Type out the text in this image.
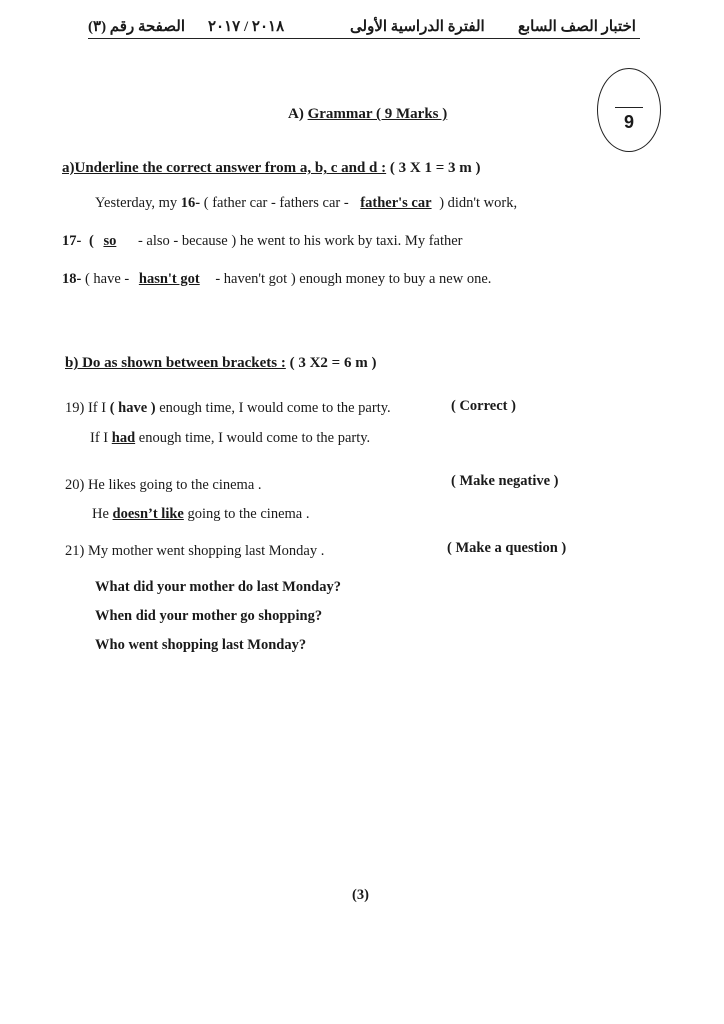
الصفحة رقم (٣) ٢٠١٨ / ٢٠١٧	الفترة الدراسية الأولى اختبار الصف السابع
9
A) Grammar ( 9 Marks )
a)Underline the correct answer from a, b, c and d : ( 3 X 1 = 3 m )
Yesterday, my 16- ( father car - fathers car - father's car ) didn't work,
17- ( so - also - because ) he went to his work by taxi. My father
18- ( have - hasn't got - haven't got ) enough money to buy a new one.
b) Do as shown between brackets : ( 3 X2 = 6 m )
19) If I ( have ) enough time, I would come to the party.	( Correct )
If I had enough time, I would come to the party.
20) He likes going to the cinema .	( Make negative )
He doesn’t like going to the cinema .
21) My mother went shopping last Monday .	( Make a question )
What did your mother do last Monday?
When did your mother go shopping?
Who went shopping last Monday?
(3)
